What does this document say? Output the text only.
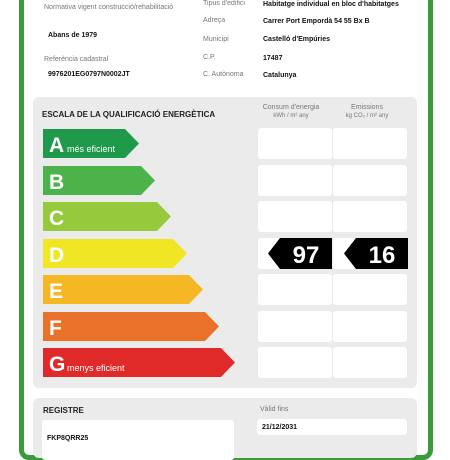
Normativa vigent construcció/rehabilitació
Abans de 1979
Referència cadastral
9976201EG0797N0002JT
Tipus d'edifici	Habitatge individual en bloc d'habitatges
Adreça	Carrer Port Empordà 54 55 Bx B
Municipi	Castelló d'Empúries
C.P.	17487
C. Autònoma	Catalunya
ESCALA DE LA QUALIFICACIÓ ENERGÈTICA
Consum d'energia
kWh / m² any
Emissions
kg CO₂ / m² any
A més eficient
B
C
D	97 16
E
F
G menys eficient
REGISTRE
FKP8QRR25
Vàlid fins
21/12/2031
